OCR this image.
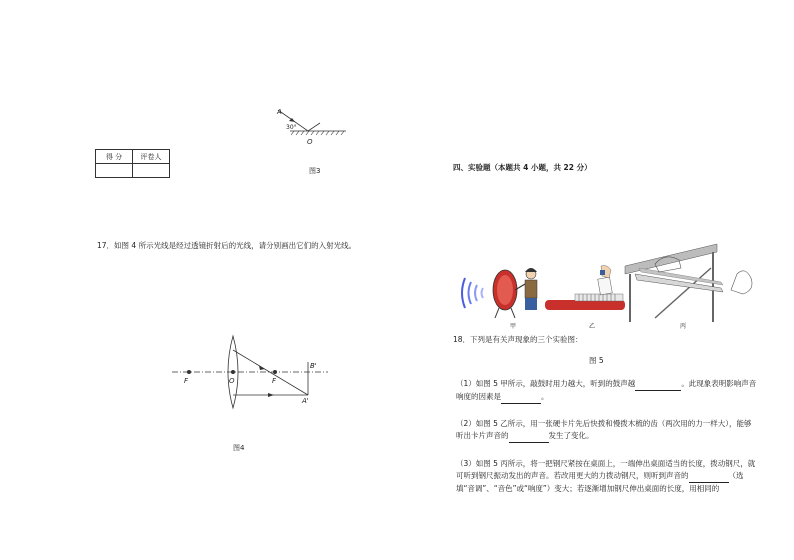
A
30°
O
图3
得 分	评卷人

17．如图 4 所示光线是经过透镜折射后的光线，请分别画出它们的入射光线。
F	O	F
B'
A'
图4
四、实验题（本题共 4 小题，共 22 分）
甲	乙	丙
18．下列是有关声现象的三个实验图：
图 5
（1）如图 5 甲所示，敲鼓时用力越大，听到的鼓声越	。此现象表明影响声音
响度的因素是	。
（2）如图 5 乙所示，用一张硬卡片先后快拨和慢拨木梳的齿（两次用的力一样大），能够
听出卡片声音的	发生了变化。
（3）如图 5 丙所示，将一把钢尺紧按在桌面上，一端伸出桌面适当的长度，拨动钢尺，就
可听到钢尺振动发出的声音。若改用更大的力拨动钢尺，则听到声音的	（选
填“音调”、“音色”或“响度”）变大；若逐渐增加钢尺伸出桌面的长度，用相同的
